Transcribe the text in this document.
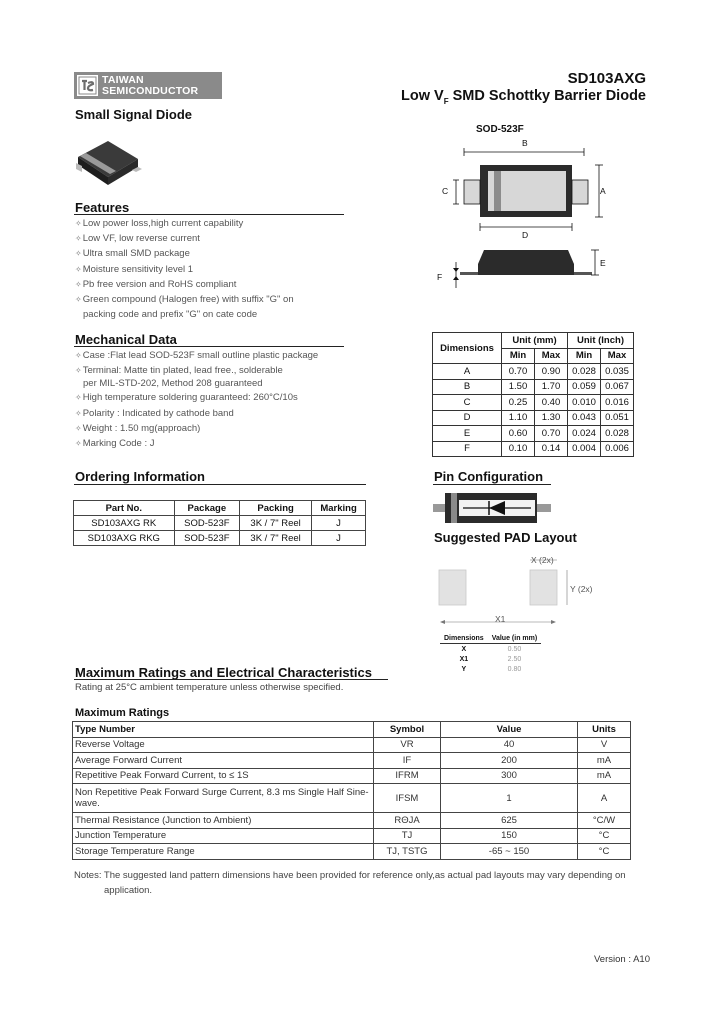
TAIWAN
SEMICONDUCTOR
SD103AXG
Low $V_F$ SMD Schottky Barrier Diode
Small Signal Diode
SOD-523F
B
C	A
D
E
F
Features
✧ Low power loss,high current capability
✧ Low VF, low reverse current
✧ Ultra small SMD package
✧ Moisture sensitivity level 1
✧ Pb free version and RoHS compliant
✧ Green compound (Halogen free) with suffix "G" on
packing code and prefix "G" on cate code
Mechanical Data
✧ Case :Flat lead SOD-523F small outline plastic package
✧ Terminal: Matte tin plated, lead free., solderable
per MIL-STD-202, Method 208 guaranteed
✧ High temperature soldering guaranteed: 260°C/10s
✧ Polarity : Indicated by cathode band
✧ Weight : 1.50 mg(approach)
✧ Marking Code : J
Dimensions	Unit (mm)		Unit (Inch)	
	Min	Max	Min	Max
A	0.70	0.90	0.028	0.035
B	1.50	1.70	0.059	0.067
C	0.25	0.40	0.010	0.016
D	1.10	1.30	0.043	0.051
E	0.60	0.70	0.024	0.028
F	0.10	0.14	0.004	0.006
Ordering Information
Part No.	Package	Packing	Marking
SD103AXG RK	SOD-523F	3K / 7" Reel	J
SD103AXG RKG	SOD-523F	3K / 7" Reel	J
Pin Configuration
Suggested PAD Layout
X (2x)
Y (2x)
X1
Dimensions	Value (in mm)
X	0.50
X1	2.50
Y	0.80
Maximum Ratings and Electrical Characteristics
Rating at 25°C ambient temperature unless otherwise specified.
Maximum Ratings
Type Number	Symbol	Value	Units
Reverse Voltage	VR	40	V
Average Forward Current	IF	200	mA
Repetitive Peak Forward Current, to ≤ 1S	IFRM	300	mA
Non Repetitive Peak Forward Surge Current, 8.3 ms Single Half Sine-wave.	IFSM	1	A
Thermal Resistance (Junction to Ambient)	RΘJA	625	°C/W
Junction Temperature	TJ	150	°C
Storage Temperature Range	TJ, TSTG	-65 ~ 150	°C
Notes: The suggested land pattern dimensions have been provided for reference only,as actual pad layouts may vary depending on
application.
Version : A10
